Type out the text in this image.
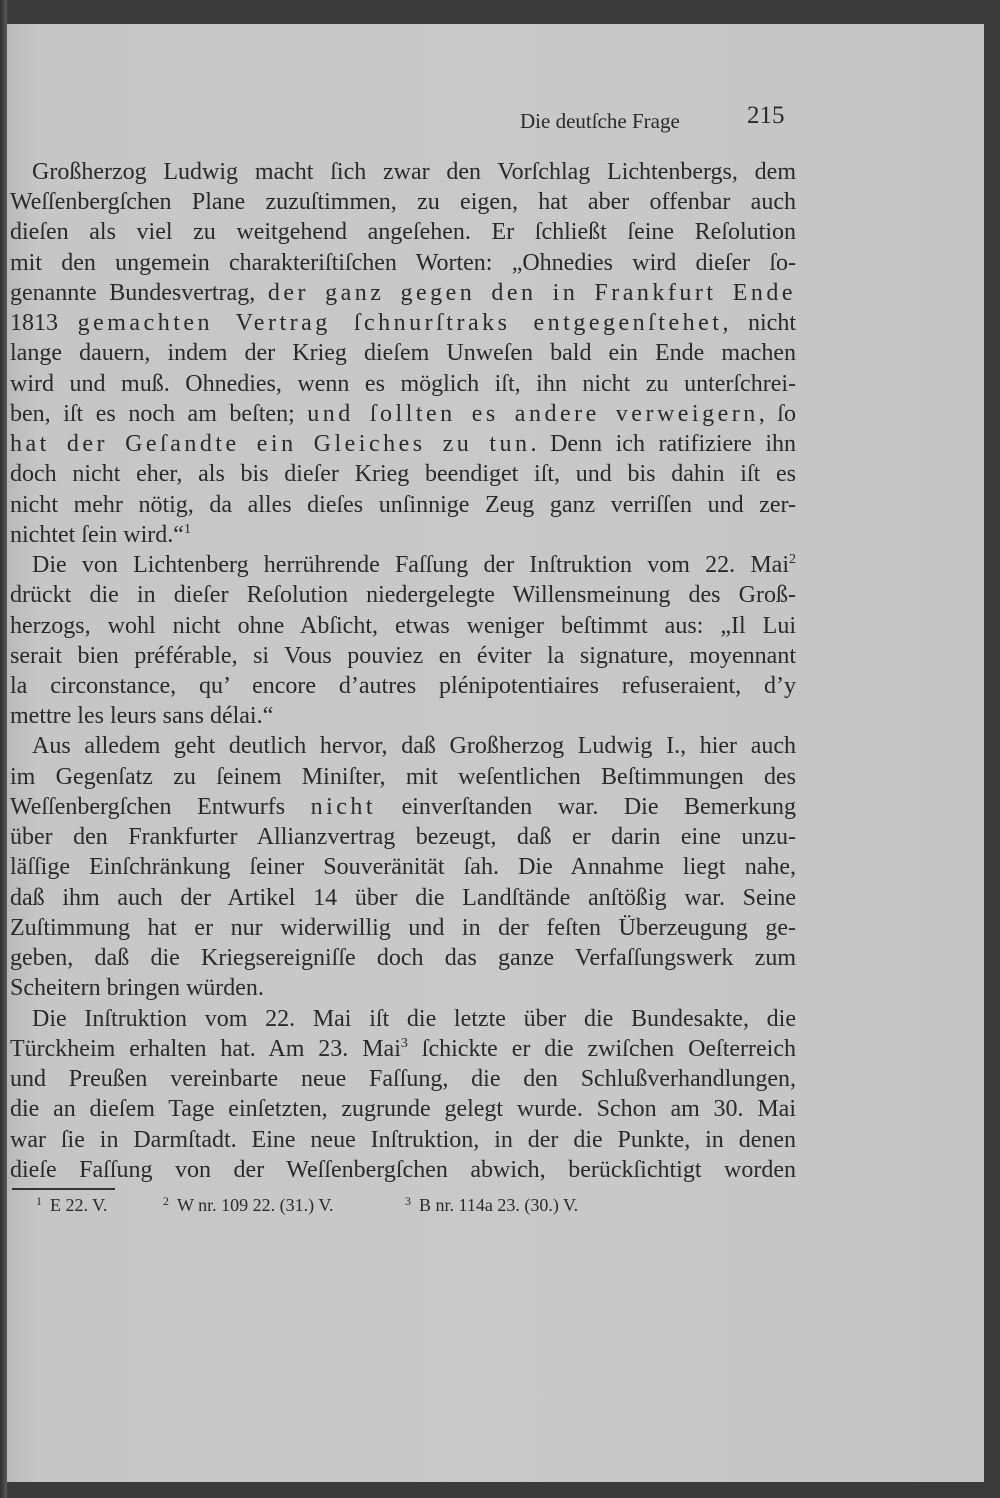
Die deutſche Frage	215
Großherzog Ludwig macht ſich zwar den Vorſchlag Lichtenbergs, dem
Weſſenbergſchen Plane zuzuſtimmen, zu eigen, hat aber offenbar auch
dieſen als viel zu weitgehend angeſehen. Er ſchließt ſeine Reſolution
mit den ungemein charakteriſtiſchen Worten: „Ohnedies wird dieſer ſo-
genannte Bundesvertrag, der ganz gegen den in Frankfurt Ende
1813 gemachten Vertrag ſchnurſtraks entgegenſtehet, nicht
lange dauern, indem der Krieg dieſem Unweſen bald ein Ende machen
wird und muß. Ohnedies, wenn es möglich iſt, ihn nicht zu unterſchrei-
ben, iſt es noch am beſten; und ſollten es andere verweigern, ſo
hat der Geſandte ein Gleiches zu tun. Denn ich ratifiziere ihn
doch nicht eher, als bis dieſer Krieg beendiget iſt, und bis dahin iſt es
nicht mehr nötig, da alles dieſes unſinnige Zeug ganz verriſſen und zer-
nichtet ſein wird.“$^1$
Die von Lichtenberg herrührende Faſſung der Inſtruktion vom 22. Mai$^2$
drückt die in dieſer Reſolution niedergelegte Willensmeinung des Groß-
herzogs, wohl nicht ohne Abſicht, etwas weniger beſtimmt aus: „Il Lui
serait bien préférable, si Vous pouviez en éviter la signature, moyennant
la circonstance, qu’ encore d’autres plénipotentiaires refuseraient, d’y
mettre les leurs sans délai.“
Aus alledem geht deutlich hervor, daß Großherzog Ludwig I., hier auch
im Gegenſatz zu ſeinem Miniſter, mit weſentlichen Beſtimmungen des
Weſſenbergſchen Entwurfs nicht einverſtanden war. Die Bemerkung
über den Frankfurter Allianzvertrag bezeugt, daß er darin eine unzu-
läſſige Einſchränkung ſeiner Souveränität ſah. Die Annahme liegt nahe,
daß ihm auch der Artikel 14 über die Landſtände anſtößig war. Seine
Zuſtimmung hat er nur widerwillig und in der feſten Überzeugung ge-
geben, daß die Kriegsereigniſſe doch das ganze Verfaſſungswerk zum
Scheitern bringen würden.
Die Inſtruktion vom 22. Mai iſt die letzte über die Bundesakte, die
Türckheim erhalten hat. Am 23. Mai$^3$ ſchickte er die zwiſchen Oeſterreich
und Preußen vereinbarte neue Faſſung, die den Schlußverhandlungen,
die an dieſem Tage einſetzten, zugrunde gelegt wurde. Schon am 30. Mai
war ſie in Darmſtadt. Eine neue Inſtruktion, in der die Punkte, in denen
dieſe Faſſung von der Weſſenbergſchen abwich, berückſichtigt worden
$^1$ E 22. V.	$^2$ W nr. 109 22. (31.) V.	$^3$ B nr. 114a 23. (30.) V.
